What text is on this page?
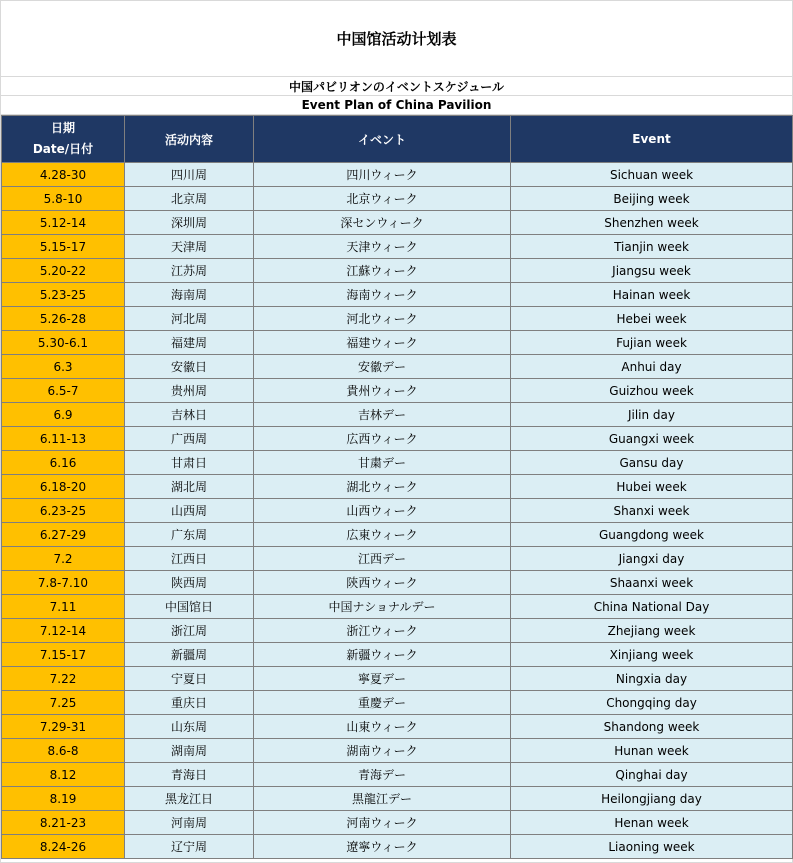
中国馆活动计划表
中国パビリオンのイベントスケジュール
Event Plan of China Pavilion
日期
Date/日付	活动内容	イベント	Event
4.28-30	四川周	四川ウィーク	Sichuan week
5.8-10	北京周	北京ウィーク	Beijing week
5.12-14	深圳周	深センウィーク	Shenzhen week
5.15-17	天津周	天津ウィーク	Tianjin week
5.20-22	江苏周	江蘇ウィーク	Jiangsu week
5.23-25	海南周	海南ウィーク	Hainan week
5.26-28	河北周	河北ウィーク	Hebei week
5.30-6.1	福建周	福建ウィーク	Fujian week
6.3	安徽日	安徽デー	Anhui day
6.5-7	贵州周	貴州ウィーク	Guizhou week
6.9	吉林日	吉林デー	Jilin day
6.11-13	广西周	広西ウィーク	Guangxi week
6.16	甘肃日	甘粛デー	Gansu day
6.18-20	湖北周	湖北ウィーク	Hubei week
6.23-25	山西周	山西ウィーク	Shanxi week
6.27-29	广东周	広東ウィーク	Guangdong week
7.2	江西日	江西デー	Jiangxi day
7.8-7.10	陕西周	陝西ウィーク	Shaanxi week
7.11	中国馆日	中国ナショナルデー	China National Day
7.12-14	浙江周	浙江ウィーク	Zhejiang week
7.15-17	新疆周	新疆ウィーク	Xinjiang week
7.22	宁夏日	寧夏デー	Ningxia day
7.25	重庆日	重慶デー	Chongqing day
7.29-31	山东周	山東ウィーク	Shandong week
8.6-8	湖南周	湖南ウィーク	Hunan week
8.12	青海日	青海デー	Qinghai day
8.19	黑龙江日	黒龍江デー	Heilongjiang day
8.21-23	河南周	河南ウィーク	Henan week
8.24-26	辽宁周	遼寧ウィーク	Liaoning week
